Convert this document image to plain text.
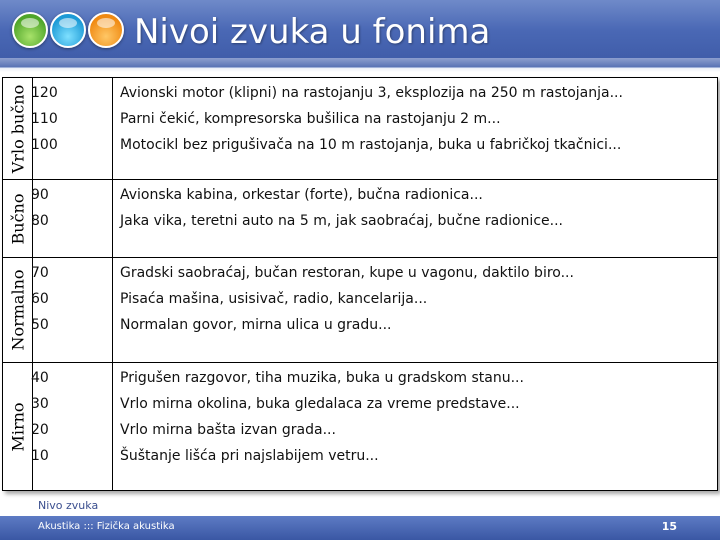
Nivoi zvuka u fonima
Vrlo bučno 120	Avionski motor (klipni) na rastojanju 3, eksplozija na 250 m rastojanja...
110	Parni čekić, kompresorska bušilica na rastojanju 2 m...
100	Motocikl bez prigušivača na 10 m rastojanja, buka u fabričkoj tkačnici...
Bučno 90	Avionska kabina, orkestar (forte), bučna radionica...
80	Jaka vika, teretni auto na 5 m, jak saobraćaj, bučne radionice...
Normalno 70	Gradski saobraćaj, bučan restoran, kupe u vagonu, daktilo biro...
60	Pisaća mašina, usisivač, radio, kancelarija...
50	Normalan govor, mirna ulica u gradu...
Mirno
40	Prigušen razgovor, tiha muzika, buka u gradskom stanu...
30	Vrlo mirna okolina, buka gledalaca za vreme predstave...
20	Vrlo mirna bašta izvan grada...
10	Šuštanje lišća pri najslabijem vetru...
Nivo zvuka
Akustika ::: Fizička akustika	15
